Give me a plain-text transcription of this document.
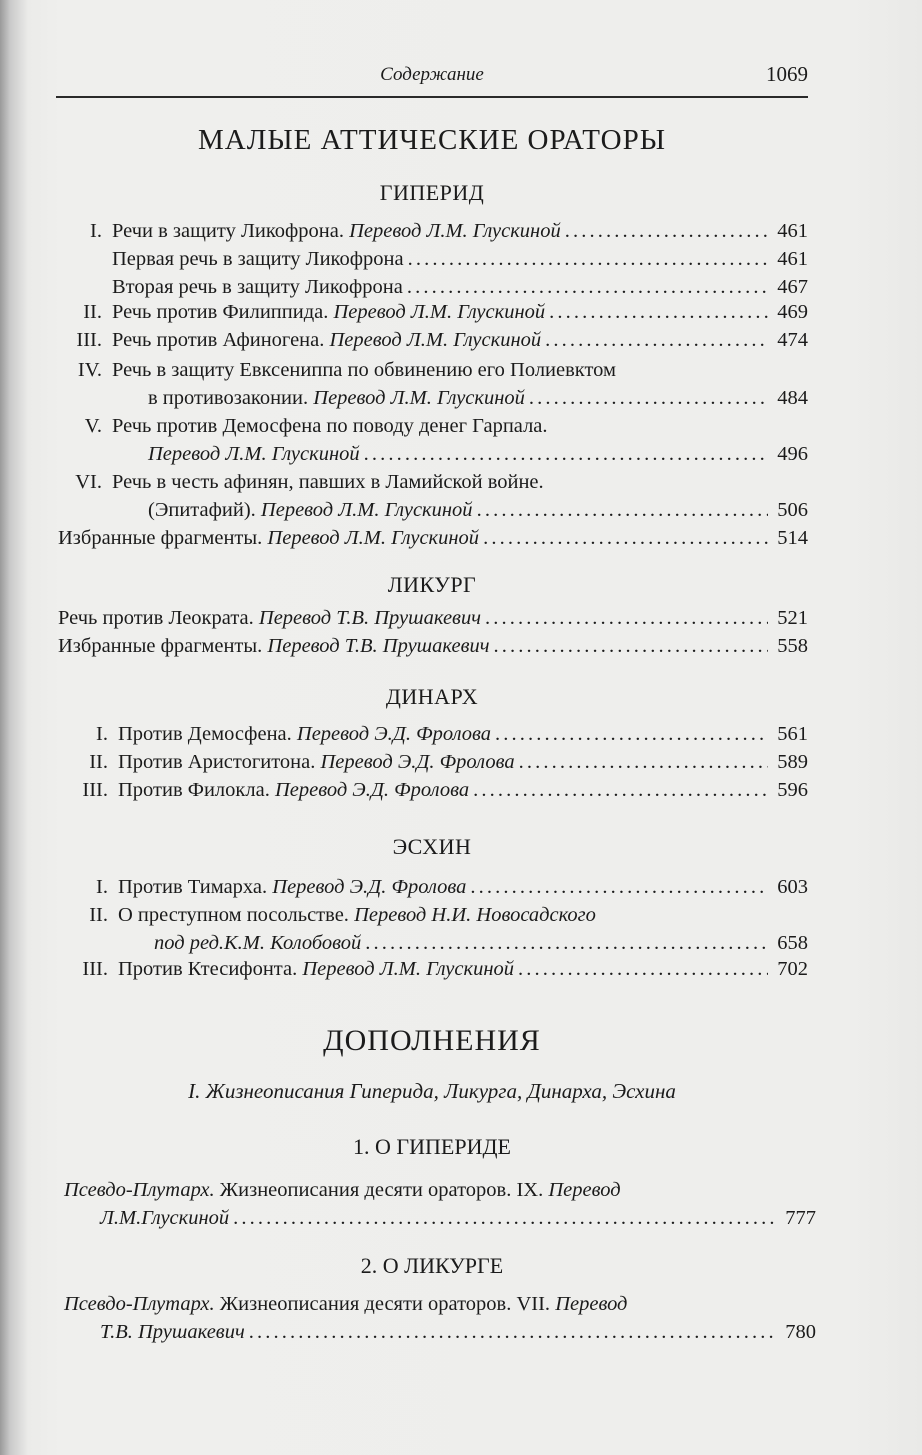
Содержание	1069
МАЛЫЕ АТТИЧЕСКИЕ ОРАТОРЫ
ГИПЕРИД
I. Речи в защиту Ликофрона.
Перевод Л.М. Глускиной . . .	461
Первая речь в защиту Ликофрона . . .	461
Вторая речь в защиту Ликофрона . . .	467
II. Речь против Филиппида.
Перевод Л.М. Глускиной . . .	469
III. Речь против Афиногена.
Перевод Л.М. Глускиной . . .	474
IV. Речь в защиту Евксениппа по обвинению его Полиевктом
в противозаконии.
Перевод Л.М. Глускиной . . .	484
V. Речь против Демосфена по поводу денег Гарпала.
Перевод Л.М. Глускиной . . .	496
VI. Речь в честь афинян, павших в Ламийской войне.
(Эпитафий).
Перевод Л.М. Глускиной . . .	506
Избранные фрагменты.
Перевод Л.М. Глускиной . . .	514
ЛИКУРГ
Речь против Леократа.
Перевод Т.В. Прушакевич . . .	521
Избранные фрагменты.
Перевод Т.В. Прушакевич . . .	558
ДИНАРХ
I. Против Демосфена.
Перевод Э.Д. Фролова . . .	561
II. Против Аристогитона.
Перевод Э.Д. Фролова . . .	589
III. Против Филокла.
Перевод Э.Д. Фролова . . .	596
ЭСХИН
I. Против Тимарха.
Перевод Э.Д. Фролова . . .	603
II. О преступном посольстве.
Перевод Н.И. Новосадского
под ред.К.М. Колобовой . . .	658
III. Против Ктесифонта.
Перевод Л.М. Глускиной . . .	702
ДОПОЛНЕНИЯ
I. Жизнеописания Гиперида, Ликурга, Динарха, Эсхина
1. О ГИПЕРИДЕ
Псевдо-Плутарх.
Жизнеописания десяти ораторов. IX.
Перевод
Л.М.Глускиной . . .	777
2. О ЛИКУРГЕ
Псевдо-Плутарх.
Жизнеописания десяти ораторов. VII.
Перевод
Т.В. Прушакевич . . .	780
